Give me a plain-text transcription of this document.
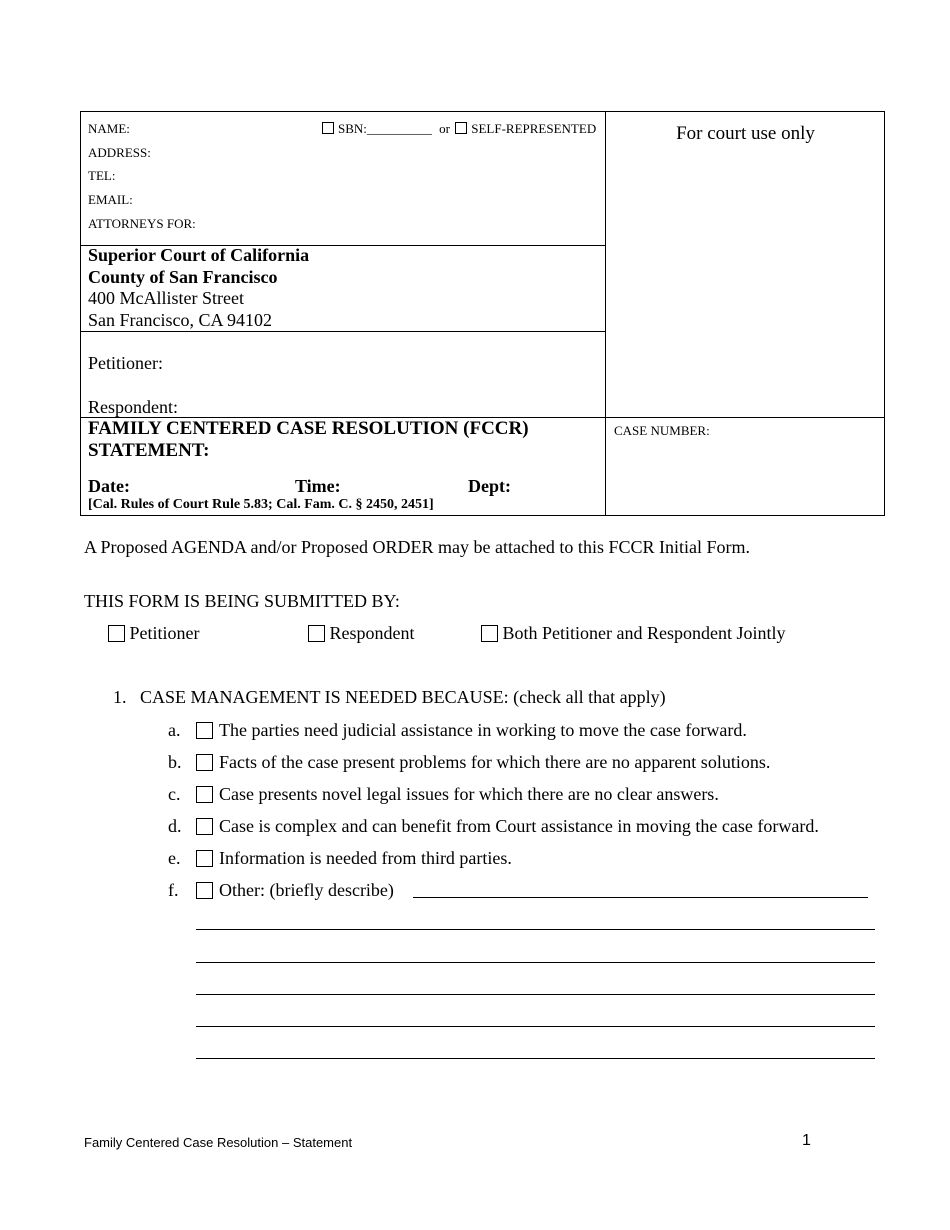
NAME:	SBN:__________ or SELF-REPRESENTED
ADDRESS:
TEL:
EMAIL:
ATTORNEYS FOR:
For court use only
Superior Court of California
County of San Francisco
400 McAllister Street
San Francisco, CA 94102
Petitioner:
Respondent:
FAMILY CENTERED CASE RESOLUTION (FCCR)
STATEMENT:
Date:	Time:	Dept:
[Cal. Rules of Court Rule 5.83; Cal. Fam. C. § 2450, 2451]
CASE NUMBER:
A Proposed AGENDA and/or Proposed ORDER may be attached to this FCCR Initial Form.
THIS FORM IS BEING SUBMITTED BY:
Petitioner	Respondent	Both Petitioner and Respondent Jointly
1. CASE MANAGEMENT IS NEEDED BECAUSE: (check all that apply)
a. The parties need judicial assistance in working to move the case forward.
b. Facts of the case present problems for which there are no apparent solutions.
c. Case presents novel legal issues for which there are no clear answers.
d. Case is complex and can benefit from Court assistance in moving the case forward.
e. Information is needed from third parties.
f. Other: (briefly describe)
Family Centered Case Resolution – Statement	1
